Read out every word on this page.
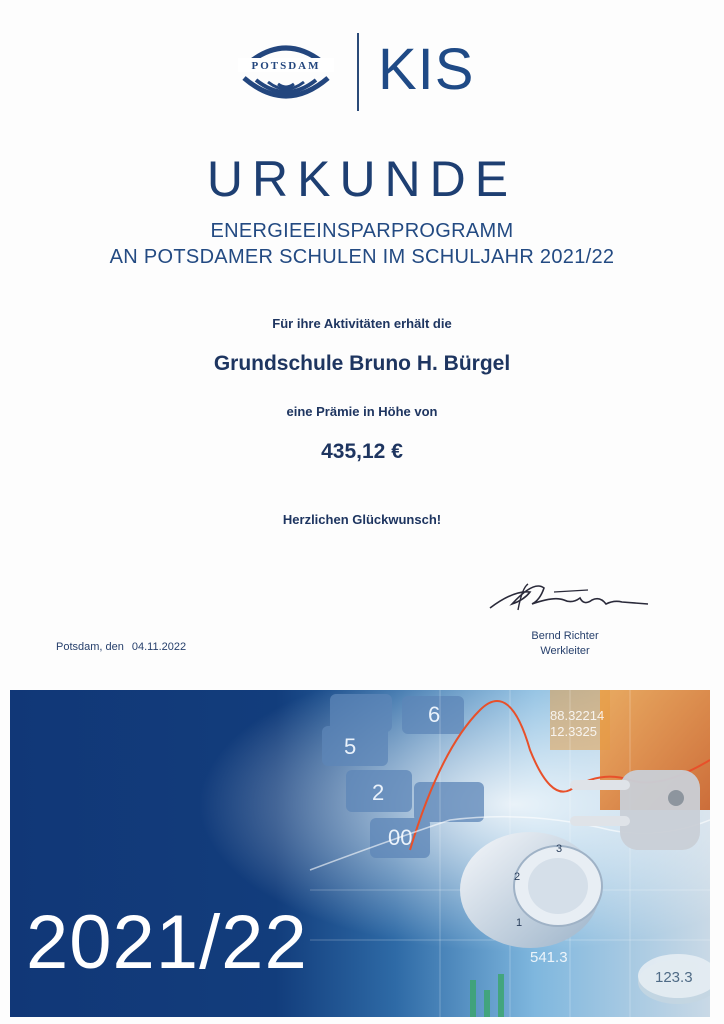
POTSDAM KIS
URKUNDE
ENERGIEEINSPARPROGRAMM
AN POTSDAMER SCHULEN IM SCHULJAHR 2021/22
Für ihre Aktivitäten erhält die
Grundschule Bruno H. Bürgel
eine Prämie in Höhe von
435,12 €
Herzlichen Glückwunsch!
Potsdam, den 04.11.2022
Bernd Richter
Werkleiter
6
5
2
00
88.32214
12.3325
541.3
1
2
3
123.3
2021/22
